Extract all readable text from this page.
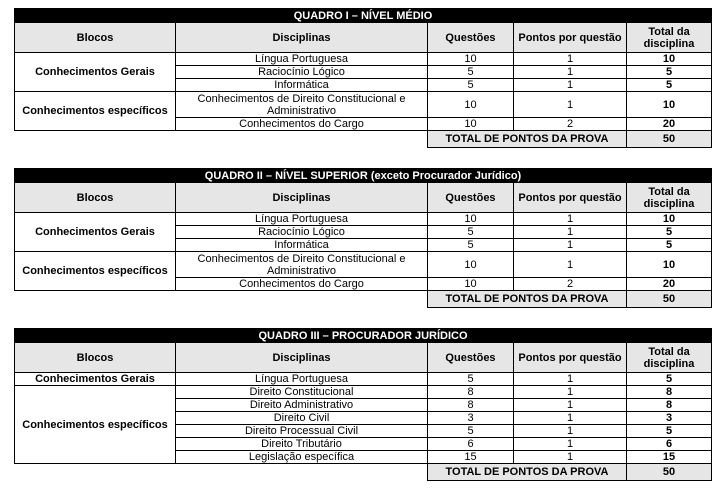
QUADRO I – NÍVEL MÉDIO				
Blocos	Disciplinas	Questões	Pontos por questão	Total da disciplina
Conhecimentos Gerais	Língua Portuguesa	10	1	10
	Raciocínio Lógico	5	1	5
	Informática	5	1	5
Conhecimentos específicos	Conhecimentos de Direito Constitucional e Administrativo	10	1	10
	Conhecimentos do Cargo	10	2	20
		TOTAL DE PONTOS DA PROVA		50
QUADRO II – NÍVEL SUPERIOR (exceto Procurador Jurídico)				
Blocos	Disciplinas	Questões	Pontos por questão	Total da disciplina
Conhecimentos Gerais	Língua Portuguesa	10	1	10
	Raciocínio Lógico	5	1	5
	Informática	5	1	5
Conhecimentos específicos	Conhecimentos de Direito Constitucional e Administrativo	10	1	10
	Conhecimentos do Cargo	10	2	20
		TOTAL DE PONTOS DA PROVA		50
QUADRO III – PROCURADOR JURÍDICO				
Blocos	Disciplinas	Questões	Pontos por questão	Total da disciplina
Conhecimentos Gerais	Língua Portuguesa	5	1	5
Conhecimentos específicos	Direito Constitucional	8	1	8
	Direito Administrativo	8	1	8
	Direito Civil	3	1	3
	Direito Processual Civil	5	1	5
	Direito Tributário	6	1	6
	Legislação específica	15	1	15
		TOTAL DE PONTOS DA PROVA		50
